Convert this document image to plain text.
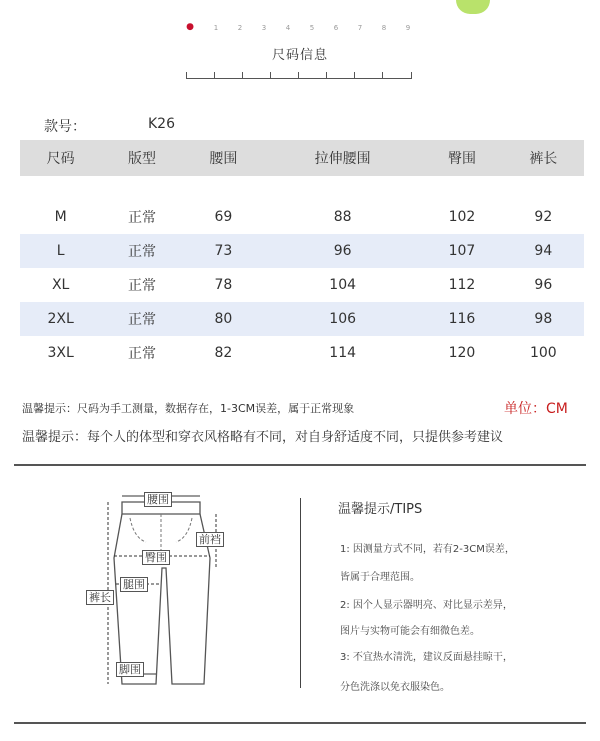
●	1	2	3	4	5	6	7	8	9
尺码信息
款号：	K26
尺码	版型	腰围	拉伸腰围	臀围	裤长

M	正常	69	88	102	92
L	正常	73	96	107	94
XL	正常	78	104	112	96
2XL	正常	80	106	116	98
3XL	正常	82	114	120	100
温馨提示：尺码为手工测量，数据存在，1-3CM误差，属于正常现象	单位：CM
温馨提示：每个人的体型和穿衣风格略有不同，对自身舒适度不同，只提供参考建议
腰围
前裆
臀围
腿围
裤长
脚围
温馨提示/TIPS
1: 因测量方式不同，若有2-3CM误差，
皆属于合理范围。
2: 因个人显示器明亮、对比显示差异，
图片与实物可能会有细微色差。
3: 不宜热水清洗，建议反面悬挂晾干，
分色洗涤以免衣服染色。
